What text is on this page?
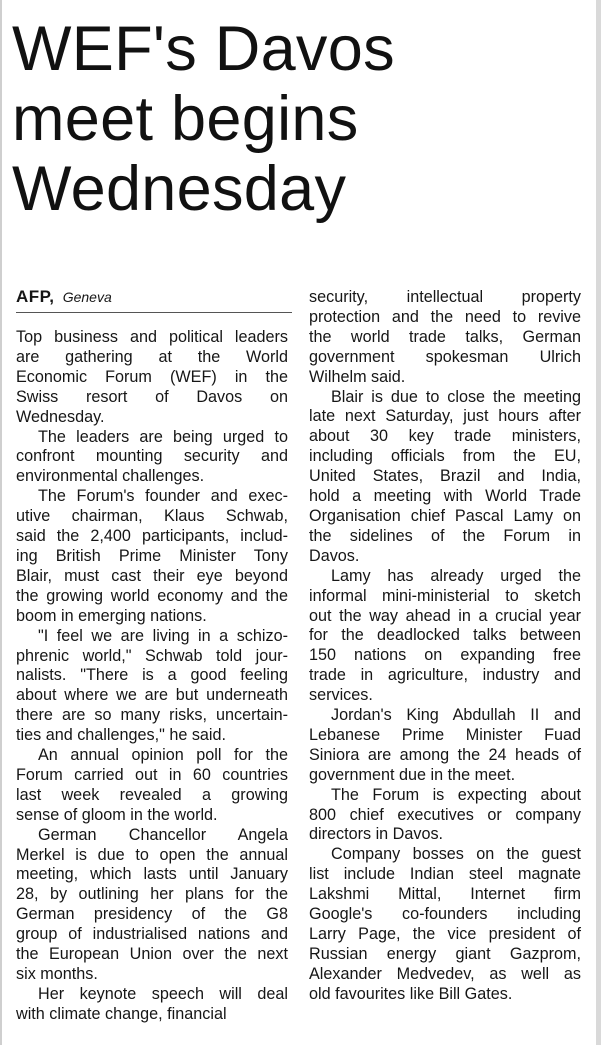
WEF's Davos
meet begins
Wednesday
AFP, Geneva

Top business and political leaders
are gathering at the World
Economic Forum (WEF) in the
Swiss resort of Davos on
Wednesday.

The leaders are being urged to
confront mounting security and
environmental challenges.

The Forum's founder and exec-
utive chairman, Klaus Schwab,
said the 2,400 participants, includ-
ing British Prime Minister Tony
Blair, must cast their eye beyond
the growing world economy and the
boom in emerging nations.

"I feel we are living in a schizo-
phrenic world," Schwab told jour-
nalists. "There is a good feeling
about where we are but underneath
there are so many risks, uncertain-
ties and challenges," he said.

An annual opinion poll for the
Forum carried out in 60 countries
last week revealed a growing
sense of gloom in the world.

German Chancellor Angela
Merkel is due to open the annual
meeting, which lasts until January
28, by outlining her plans for the
German presidency of the G8
group of industrialised nations and
the European Union over the next
six months.

Her keynote speech will deal
with climate change, financial

security, intellectual property
protection and the need to revive
the world trade talks, German
government spokesman Ulrich
Wilhelm said.

Blair is due to close the meeting
late next Saturday, just hours after
about 30 key trade ministers,
including officials from the EU,
United States, Brazil and India,
hold a meeting with World Trade
Organisation chief Pascal Lamy on
the sidelines of the Forum in
Davos.

Lamy has already urged the
informal mini-ministerial to sketch
out the way ahead in a crucial year
for the deadlocked talks between
150 nations on expanding free
trade in agriculture, industry and
services.

Jordan's King Abdullah II and
Lebanese Prime Minister Fuad
Siniora are among the 24 heads of
government due in the meet.

The Forum is expecting about
800 chief executives or company
directors in Davos.

Company bosses on the guest
list include Indian steel magnate
Lakshmi Mittal, Internet firm
Google's co-founders including
Larry Page, the vice president of
Russian energy giant Gazprom,
Alexander Medvedev, as well as
old favourites like Bill Gates.
